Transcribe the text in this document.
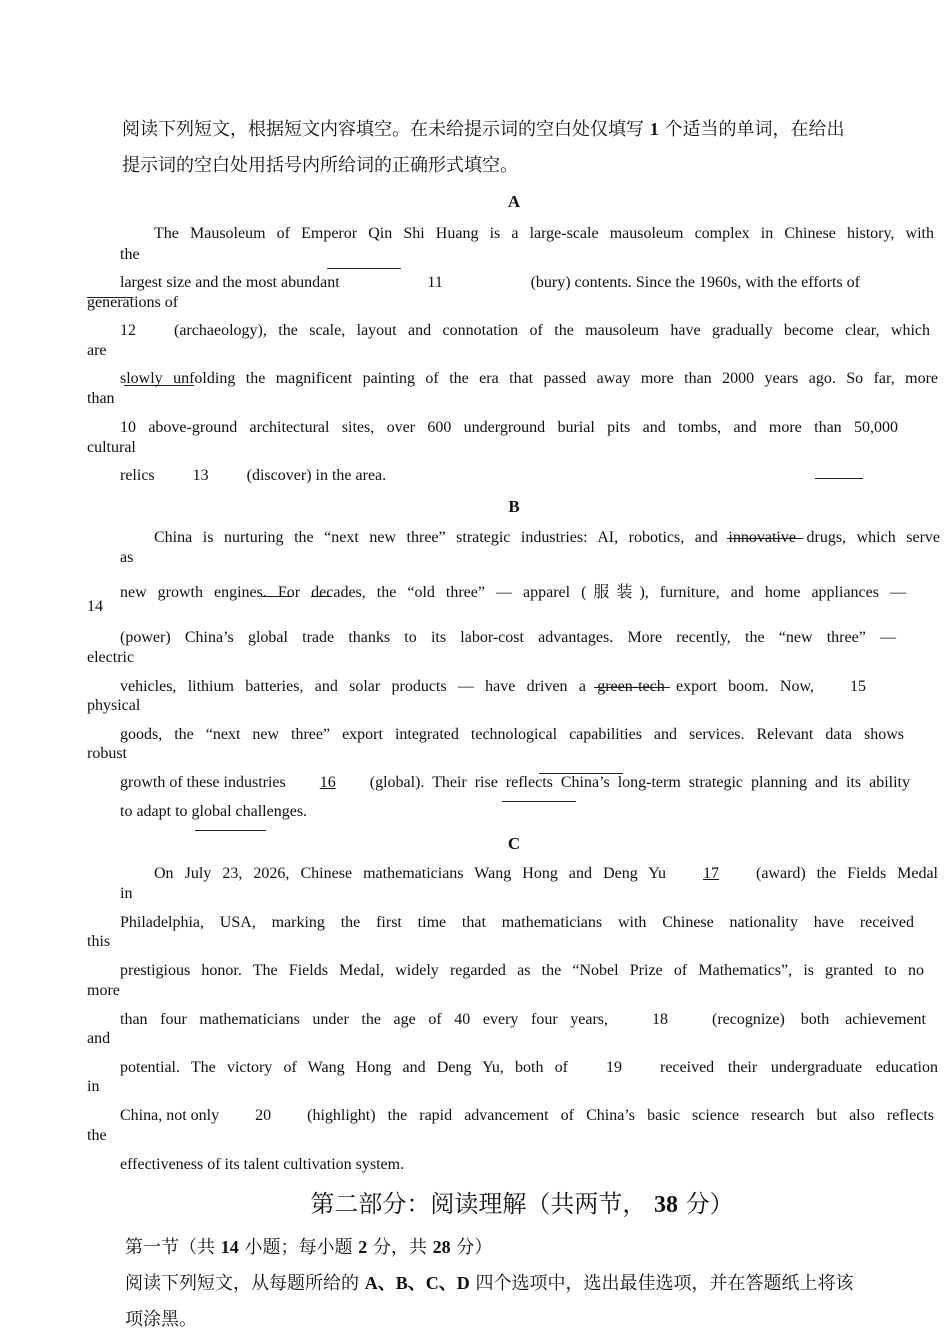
阅读下列短文，根据短文内容填空。在未给提示词的空白处仅填写 1 个适当的单词，在给出
提示词的空白处用括号内所给词的正确形式填空。
A
The Mausoleum of Emperor Qin Shi Huang is a large-scale mausoleum complex in Chinese history, with
the
largest size and the most abundant	11	(bury) contents. Since the 1960s, with the efforts of
generations of
12 (archaeology), the scale, layout and connotation of the mausoleum have gradually become clear, which
are
slowly unfolding the magnificent painting of the era that passed away more than 2000 years ago. So far, more
than
10 above-ground architectural sites, over 600 underground burial pits and tombs, and more than 50,000
cultural
relics 13 (discover) in the area.
B
China is nurturing the “next new three” strategic industries: AI, robotics, and innovative drugs, which serve
as
new growth engines. For decades, the “old three” — apparel (服装), furniture, and home appliances —
14
(power) China’s global trade thanks to its labor-cost advantages. More recently, the “new three” —
electric
vehicles, lithium batteries, and solar products — have driven a green-tech export boom. Now,	15
physical
goods, the “next new three” export integrated technological capabilities and services. Relevant data shows
robust
growth of these industries	16	(global). Their rise reflects China’s long-term strategic planning and its ability
to adapt to global challenges.
C
On July 23, 2026, Chinese mathematicians Wang Hong and Deng Yu	17	(award) the Fields Medal
in
Philadelphia, USA, marking the first time that mathematicians with Chinese nationality have received
this
prestigious honor. The Fields Medal, widely regarded as the “Nobel Prize of Mathematics”, is granted to no
more
than four mathematicians under the age of 40 every four years,	18	(recognize) both achievement
and
potential. The victory of Wang Hong and Deng Yu, both of	19	received their undergraduate education
in
China, not only	20	(highlight) the rapid advancement of China’s basic science research but also reflects
the
effectiveness of its talent cultivation system.
第二部分：阅读理解（共两节， 38 分）
第一节（共 14 小题；每小题 2 分，共 28 分）
阅读下列短文，从每题所给的 A、B、C、D 四个选项中，选出最佳选项，并在答题纸上将该
项涂黑。
